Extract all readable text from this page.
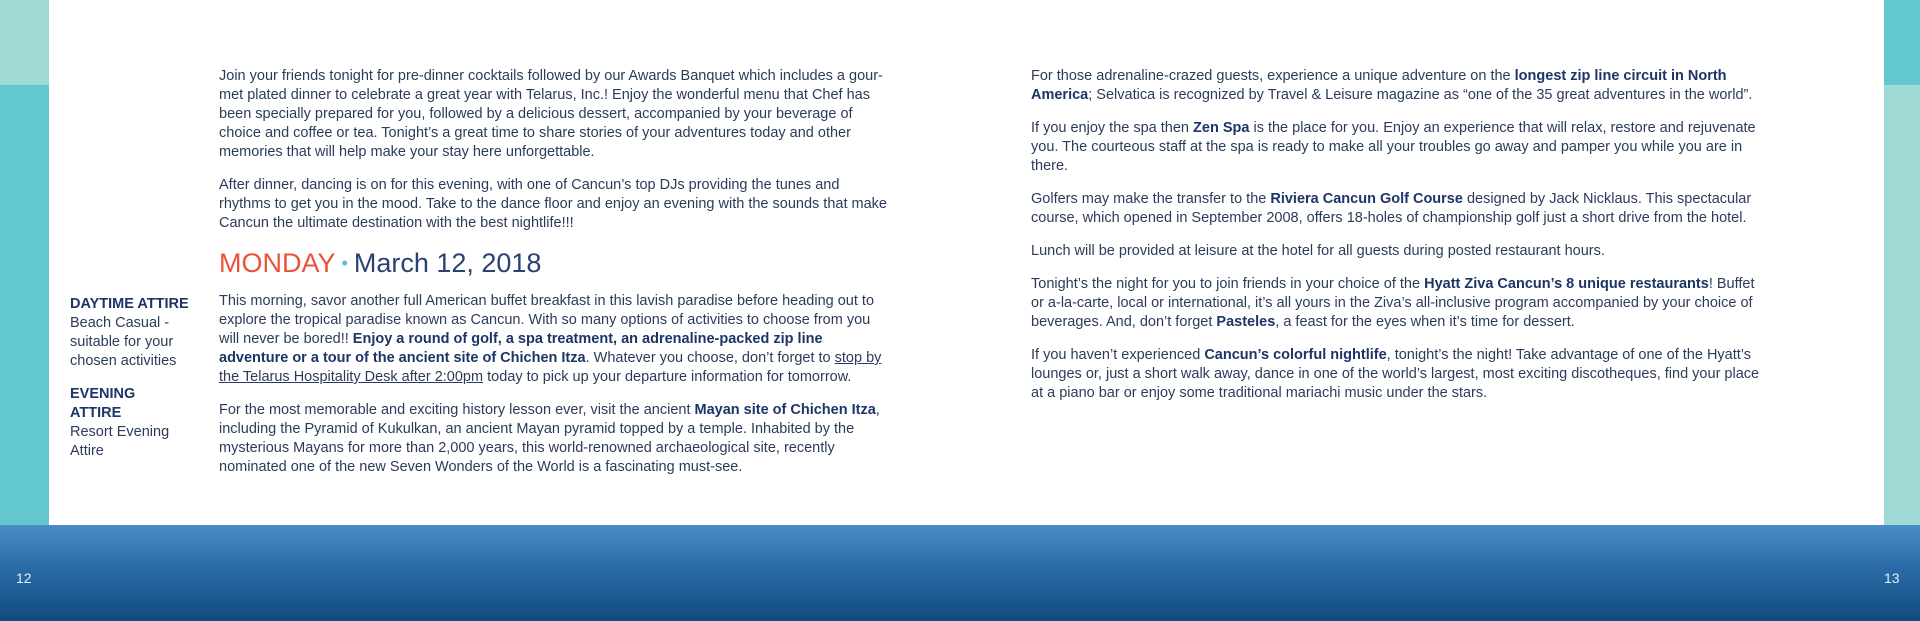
DAYTIME ATTIRE
Beach Casual - suitable for your chosen activities
EVENING ATTIRE
Resort Evening Attire

Join your friends tonight for pre-dinner cocktails followed by our Awards Banquet which includes a gour-met plated dinner to celebrate a great year with Telarus, Inc.! Enjoy the wonderful menu that Chef has been specially prepared for you, followed by a delicious dessert, accompanied by your beverage of choice and coffee or tea. Tonight’s a great time to share stories of your adventures today and other memories that will help make your stay here unforgettable.

After dinner, dancing is on for this evening, with one of Cancun’s top DJs providing the tunes and rhythms to get you in the mood. Take to the dance floor and enjoy an evening with the sounds that make Cancun the ultimate destination with the best nightlife!!!

MONDAY • March 12, 2018

This morning, savor another full American buffet breakfast in this lavish paradise before heading out to explore the tropical paradise known as Cancun. With so many options of activities to choose from you will never be bored!! Enjoy a round of golf, a spa treatment, an adrenaline-packed zip line adventure or a tour of the ancient site of Chichen Itza. Whatever you choose, don’t forget to stop by the Telarus Hospitality Desk after 2:00pm today to pick up your departure information for tomorrow.

For the most memorable and exciting history lesson ever, visit the ancient Mayan site of Chichen Itza, including the Pyramid of Kukulkan, an ancient Mayan pyramid topped by a temple. Inhabited by the mysterious Mayans for more than 2,000 years, this world-renowned archaeological site, recently nominated one of the new Seven Wonders of the World is a fascinating must-see.

For those adrenaline-crazed guests, experience a unique adventure on the longest zip line circuit in North America; Selvatica is recognized by Travel & Leisure magazine as “one of the 35 great adventures in the world”.

If you enjoy the spa then Zen Spa is the place for you. Enjoy an experience that will relax, restore and rejuvenate you. The courteous staff at the spa is ready to make all your troubles go away and pamper you while you are in there.

Golfers may make the transfer to the Riviera Cancun Golf Course designed by Jack Nicklaus. This spectacular course, which opened in September 2008, offers 18-holes of championship golf just a short drive from the hotel.

Lunch will be provided at leisure at the hotel for all guests during posted restaurant hours.

Tonight’s the night for you to join friends in your choice of the Hyatt Ziva Cancun’s 8 unique restaurants! Buffet or a-la-carte, local or international, it’s all yours in the Ziva’s all-inclusive program accompanied by your choice of beverages. And, don’t forget Pasteles, a feast for the eyes when it’s time for dessert.

If you haven’t experienced Cancun’s colorful nightlife, tonight’s the night! Take advantage of one of the Hyatt’s lounges or, just a short walk away, dance in one of the world’s largest, most exciting discotheques, find your place at a piano bar or enjoy some traditional mariachi music under the stars.

12	13
